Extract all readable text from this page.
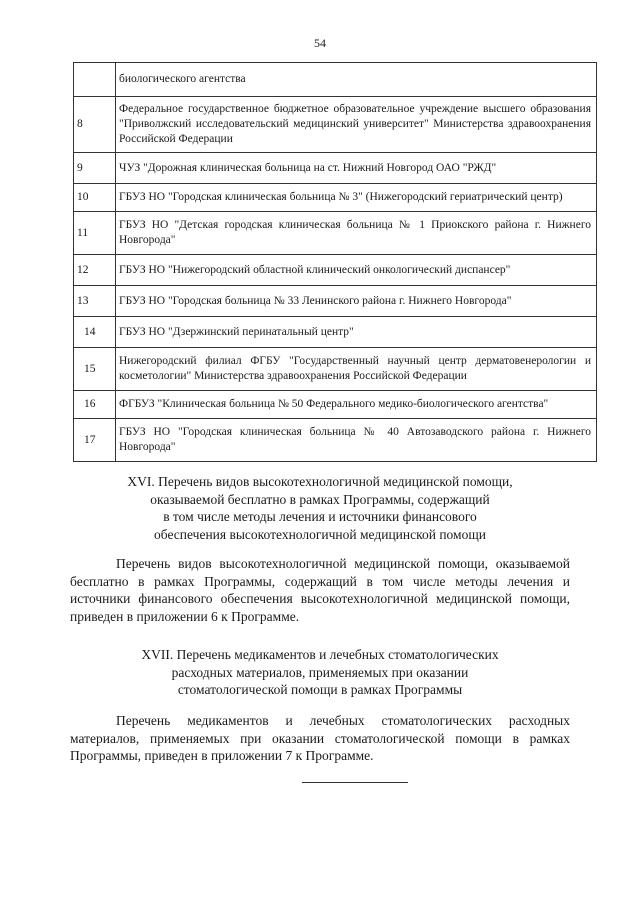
54
	биологического агентства
8	Федеральное государственное бюджетное образовательное учреждение высшего образования "Приволжский исследовательский медицинский университет" Министерства здравоохранения Российской Федерации
9	ЧУЗ "Дорожная клиническая больница на ст. Нижний Новгород ОАО "РЖД"
10	ГБУЗ НО "Городская клиническая больница № 3" (Нижегородский гериатрический центр)
11	ГБУЗ НО "Детская городская клиническая больница № 1 Приокского района г. Нижнего Новгорода"
12	ГБУЗ НО "Нижегородский областной клинический онкологический диспансер"
13	ГБУЗ НО "Городская больница № 33 Ленинского района г. Нижнего Новгорода"
14	ГБУЗ НО "Дзержинский перинатальный центр"
15	Нижегородский филиал ФГБУ "Государственный научный центр дерматовенерологии и косметологии" Министерства здравоохранения Российской Федерации
16	ФГБУЗ "Клиническая больница № 50 Федерального медико-биологического агентства"
17	ГБУЗ НО "Городская клиническая больница № 40 Автозаводского района г. Нижнего Новгорода"
XVI. Перечень видов высокотехнологичной медицинской помощи,
оказываемой бесплатно в рамках Программы, содержащий
в том числе методы лечения и источники финансового
обеспечения высокотехнологичной медицинской помощи
Перечень видов высокотехнологичной медицинской помощи, оказываемой бесплатно в рамках Программы, содержащий в том числе методы лечения и источники финансового обеспечения высокотехнологичной медицинской помощи, приведен в приложении 6 к Программе.
XVII. Перечень медикаментов и лечебных стоматологических
расходных материалов, применяемых при оказании
стоматологической помощи в рамках Программы
Перечень медикаментов и лечебных стоматологических расходных материалов, применяемых при оказании стоматологической помощи в рамках Программы, приведен в приложении 7 к Программе.
